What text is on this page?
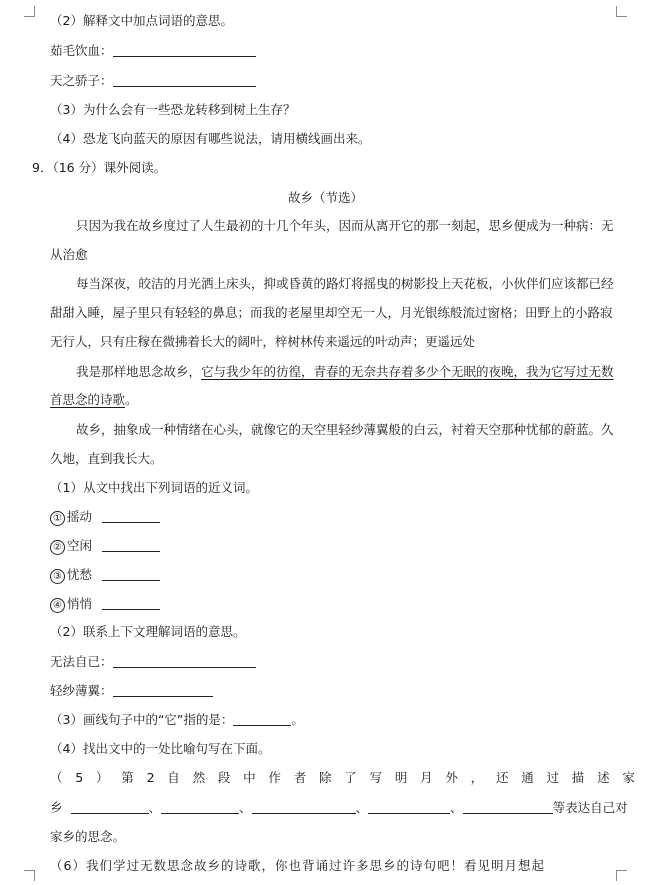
（2）解释文中加点词语的意思。
茹毛饮血：
天之骄子：
（3）为什么会有一些恐龙转移到树上生存？
（4）恐龙飞向蓝天的原因有哪些说法，请用横线画出来。
9．（16 分）课外阅读。
故乡（节选）
只因为我在故乡度过了人生最初的十几个年头，因而从离开它的那一刻起，思乡便成为一种病：无
从治愈
每当深夜，皎洁的月光洒上床头，抑或昏黄的路灯将摇曳的树影投上天花板，小伙伴们应该都已经
甜甜入睡，屋子里只有轻轻的鼻息；而我的老屋里却空无一人，月光银练般流过窗格；田野上的小路寂
无行人，只有庄稼在微拂着长大的阔叶，梓树林传来遥远的叶动声；更遥远处
我是那样地思念故乡，它与我少年的彷徨，青春的无奈共存着多少个无眠的夜晚，我为它写过无数
首思念的诗歌。
故乡，抽象成一种情绪在心头，就像它的天空里轻纱薄翼般的白云，衬着天空那种忧郁的蔚蓝。久
久地，直到我长大。
（1）从文中找出下列词语的近义词。
① 摇动
② 空闲
③ 忧愁
④ 悄悄
（2）联系上下文理解词语的意思。
无法自已：
轻纱薄翼：
（3）画线句子中的“它”指的是：	。
（4）找出文中的一处比喻句写在下面。
（ 5 ） 第 2 自 然 段 中 作 者 除 了 写 明 月 外 ， 还 通 过 描 述 家
乡	、	、	、	、	等表达自己对
家乡的思念。
（6）我们学过无数思念故乡的诗歌，你也背诵过许多思乡的诗句吧！看见明月想起
